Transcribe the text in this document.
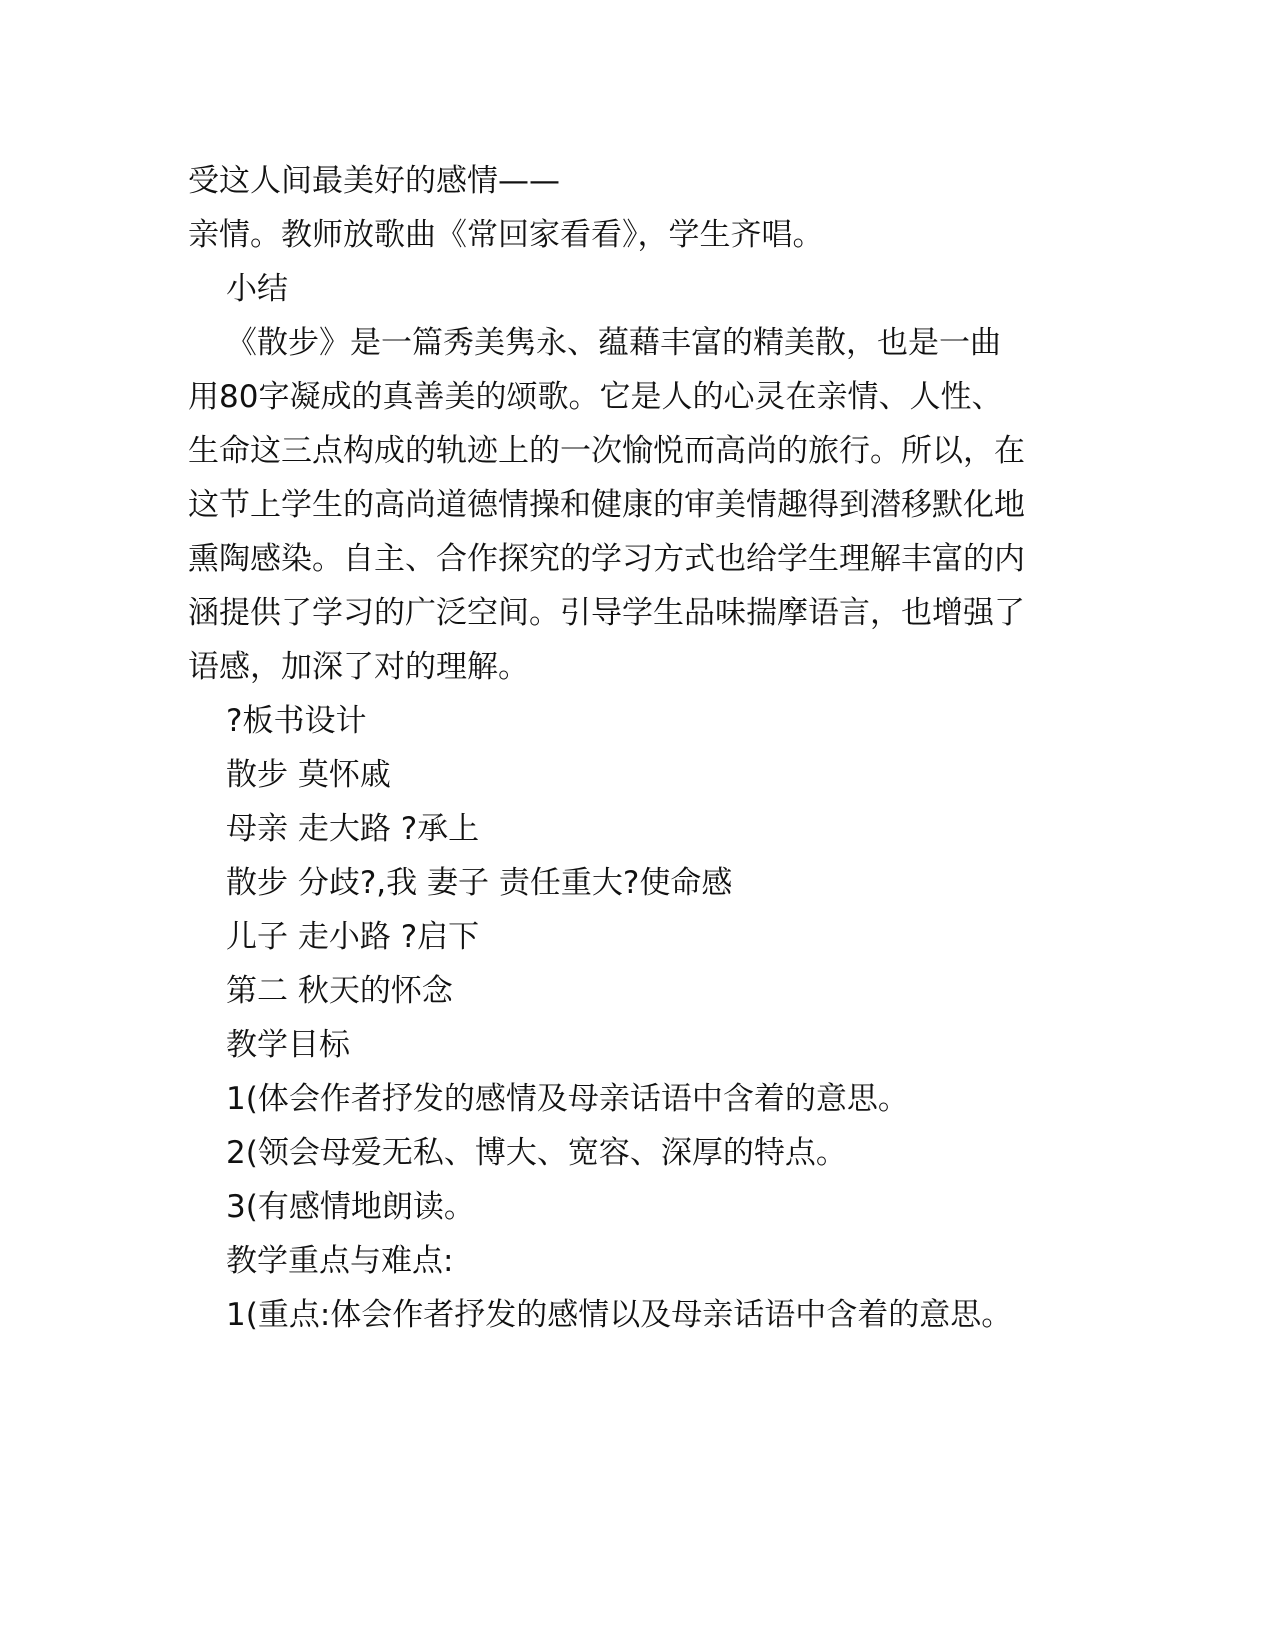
受这人间最美好的感情——
亲情。教师放歌曲《常回家看看》，学生齐唱。
小结
《散步》是一篇秀美隽永、蕴藉丰富的精美散，也是一曲
用80字凝成的真善美的颂歌。它是人的心灵在亲情、人性、
生命这三点构成的轨迹上的一次愉悦而高尚的旅行。所以，在
这节上学生的高尚道德情操和健康的审美情趣得到潜移默化地
熏陶感染。自主、合作探究的学习方式也给学生理解丰富的内
涵提供了学习的广泛空间。引导学生品味揣摩语言，也增强了
语感，加深了对的理解。
?板书设计
散步 莫怀戚
母亲 走大路 ?承上
散步 分歧?,我 妻子 责任重大?使命感
儿子 走小路 ?启下
第二 秋天的怀念
教学目标
1(体会作者抒发的感情及母亲话语中含着的意思。
2(领会母爱无私、博大、宽容、深厚的特点。
3(有感情地朗读。
教学重点与难点:
1(重点:体会作者抒发的感情以及母亲话语中含着的意思。
